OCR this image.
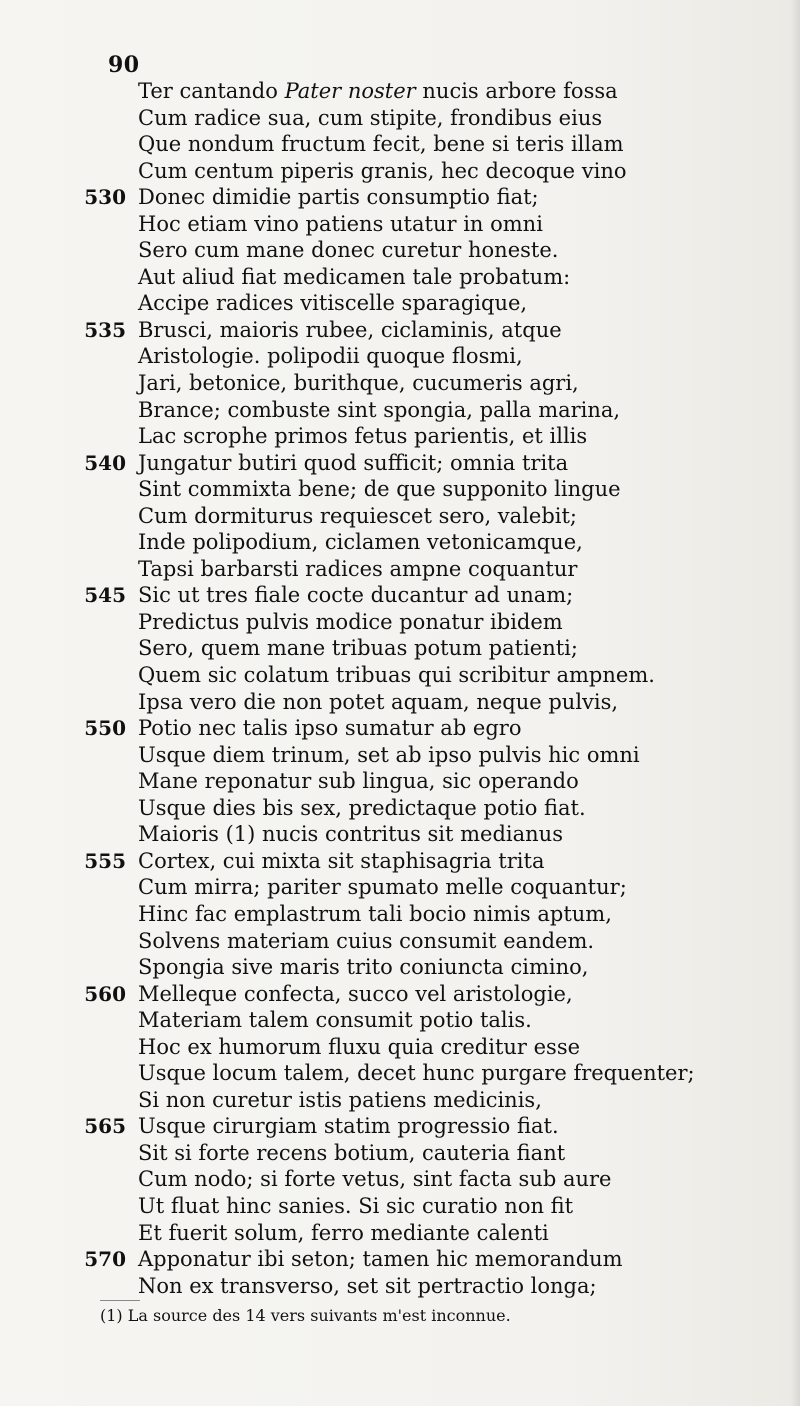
90
Ter cantando Pater noster nucis arbore fossa
Cum radice sua, cum stipite, frondibus eius
Que nondum fructum fecit, bene si teris illam
Cum centum piperis granis, hec decoque vino
530 Donec dimidie partis consumptio fiat;
Hoc etiam vino patiens utatur in omni
Sero cum mane donec curetur honeste.
Aut aliud fiat medicamen tale probatum:
Accipe radices vitiscelle sparagique,
535 Brusci, maioris rubee, ciclaminis, atque
Aristologie. polipodii quoque flosmi,
Jari, betonice, burithque, cucumeris agri,
Brance; combuste sint spongia, palla marina,
Lac scrophe primos fetus parientis, et illis
540 Jungatur butiri quod sufficit; omnia trita
Sint commixta bene; de que supponito lingue
Cum dormiturus requiescet sero, valebit;
Inde polipodium, ciclamen vetonicamque,
Tapsi barbarsti radices ampne coquantur
545 Sic ut tres fiale cocte ducantur ad unam;
Predictus pulvis modice ponatur ibidem
Sero, quem mane tribuas potum patienti;
Quem sic colatum tribuas qui scribitur ampnem.
Ipsa vero die non potet aquam, neque pulvis,
550 Potio nec talis ipso sumatur ab egro
Usque diem trinum, set ab ipso pulvis hic omni
Mane reponatur sub lingua, sic operando
Usque dies bis sex, predictaque potio fiat.
Maioris (1) nucis contritus sit medianus
555 Cortex, cui mixta sit staphisagria trita
Cum mirra; pariter spumato melle coquantur;
Hinc fac emplastrum tali bocio nimis aptum,
Solvens materiam cuius consumit eandem.
Spongia sive maris trito coniuncta cimino,
560 Melleque confecta, succo vel aristologie,
Materiam talem consumit potio talis.
Hoc ex humorum fluxu quia creditur esse
Usque locum talem, decet hunc purgare frequenter;
Si non curetur istis patiens medicinis,
565 Usque cirurgiam statim progressio fiat.
Sit si forte recens botium, cauteria fiant
Cum nodo; si forte vetus, sint facta sub aure
Ut fluat hinc sanies. Si sic curatio non fit
Et fuerit solum, ferro mediante calenti
570 Apponatur ibi seton; tamen hic memorandum
Non ex transverso, set sit pertractio longa;
(1) La source des 14 vers suivants m'est inconnue.
